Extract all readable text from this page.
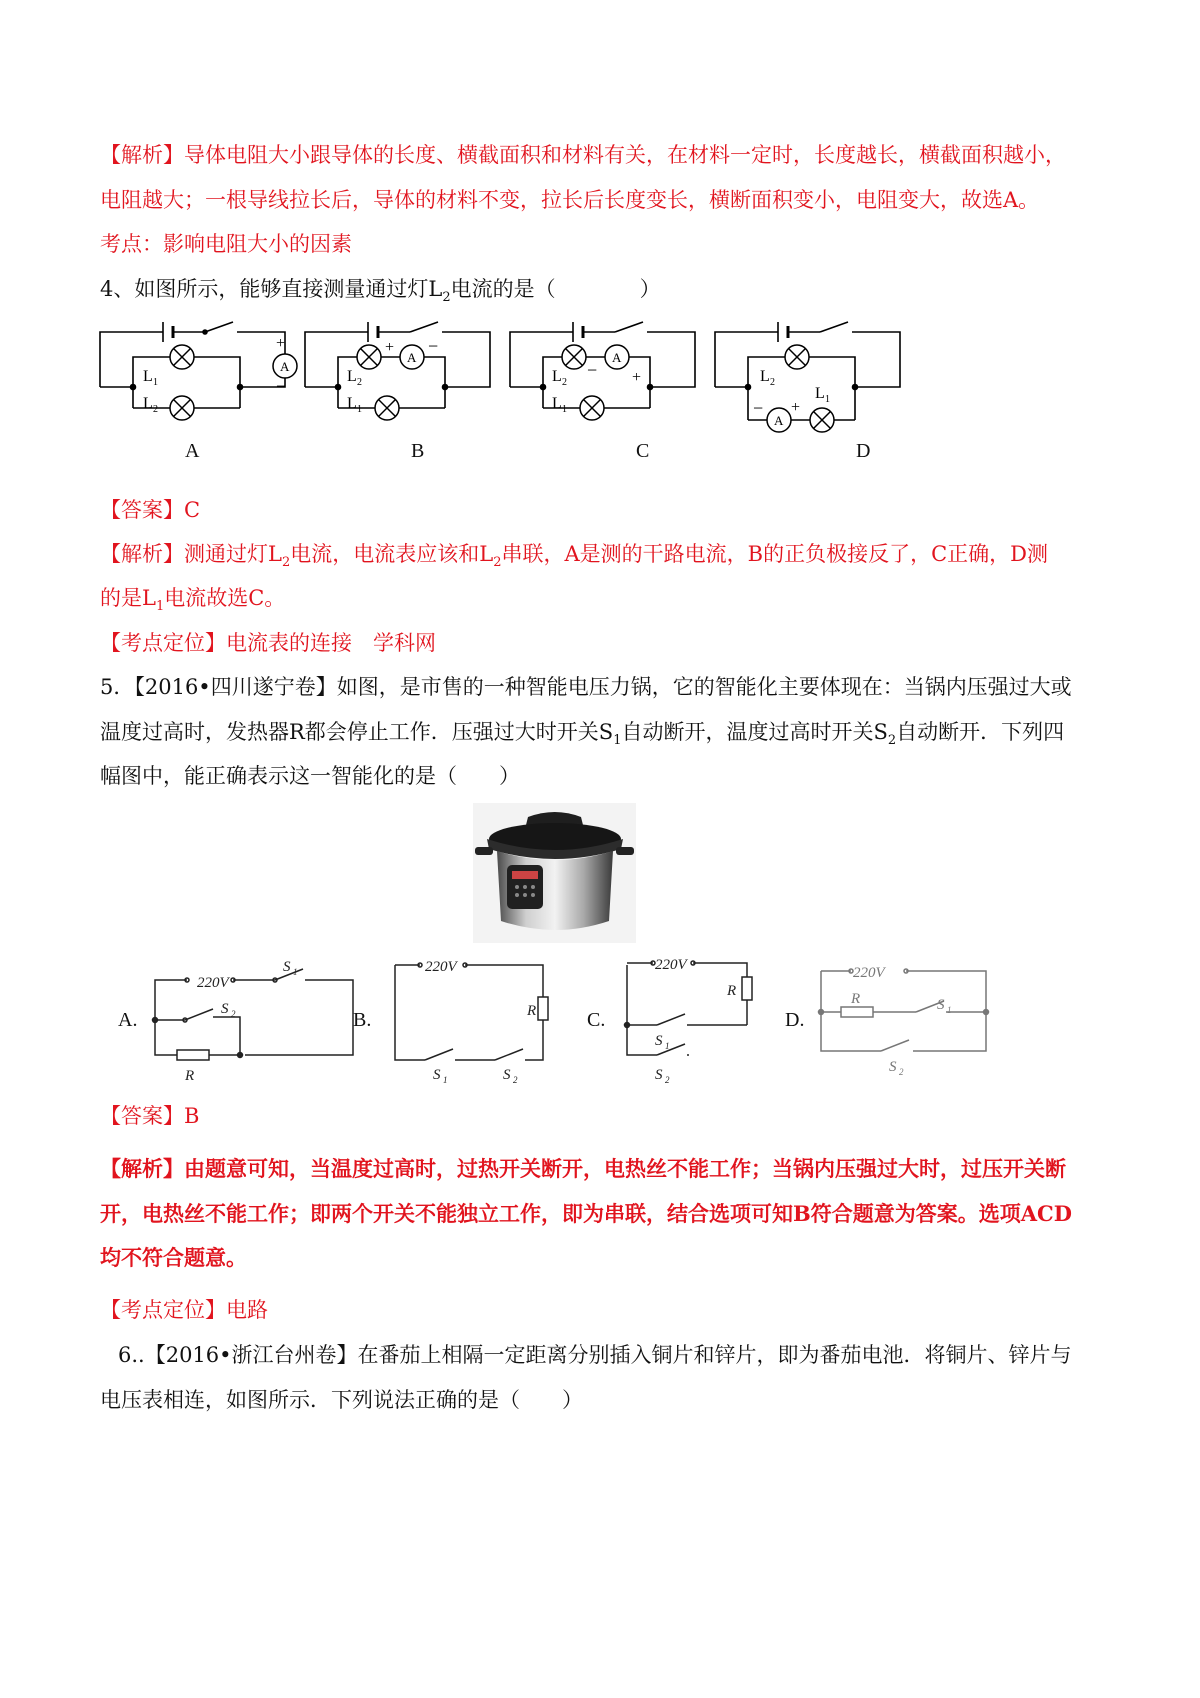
【解析】导体电阻大小跟导体的长度、横截面积和材料有关，在材料一定时，长度越长，横截面积越小，
电阻越大；一根导线拉长后，导体的材料不变，拉长后长度变长，横断面积变小，电阻变大，故选A。
考点：影响电阻大小的因素
4、如图所示，能够直接测量通过灯$L_2$电流的是（　　　　）
A
+
−
L 1
L 2
A
+ −
L 2
L 1
A
− +
L 2
L 1
A
− +
L 2
L 1
A	B	C	D
【答案】C
【解析】测通过灯$L_2$电流，电流表应该和$L_2$串联，A是测的干路电流，B的正负极接反了，C正确，D测
的是$L_1$电流故选C。
【考点定位】电流表的连接　学科网
5．【2016•四川遂宁卷】如图，是市售的一种智能电压力锅，它的智能化主要体现在：当锅内压强过大或
温度过高时，发热器R都会停止工作．压强过大时开关$S_1$自动断开，温度过高时开关$S_2$自动断开．下列四
幅图中，能正确表示这一智能化的是（　　）
A.	B.	C.	D.
220V
S 1
S 2
R
220V
R
S 1	S 2
220V
R
S 1
S 2
220V
R	S 1
S 2
【答案】B
【解析】由题意可知，当温度过高时，过热开关断开，电热丝不能工作；当锅内压强过大时，过压开关断
开，电热丝不能工作；即两个开关不能独立工作，即为串联，结合选项可知B符合题意为答案。选项ACD
均不符合题意。
【考点定位】电路
6..【2016•浙江台州卷】在番茄上相隔一定距离分别插入铜片和锌片，即为番茄电池．将铜片、锌片与
电压表相连，如图所示．下列说法正确的是（　　）
